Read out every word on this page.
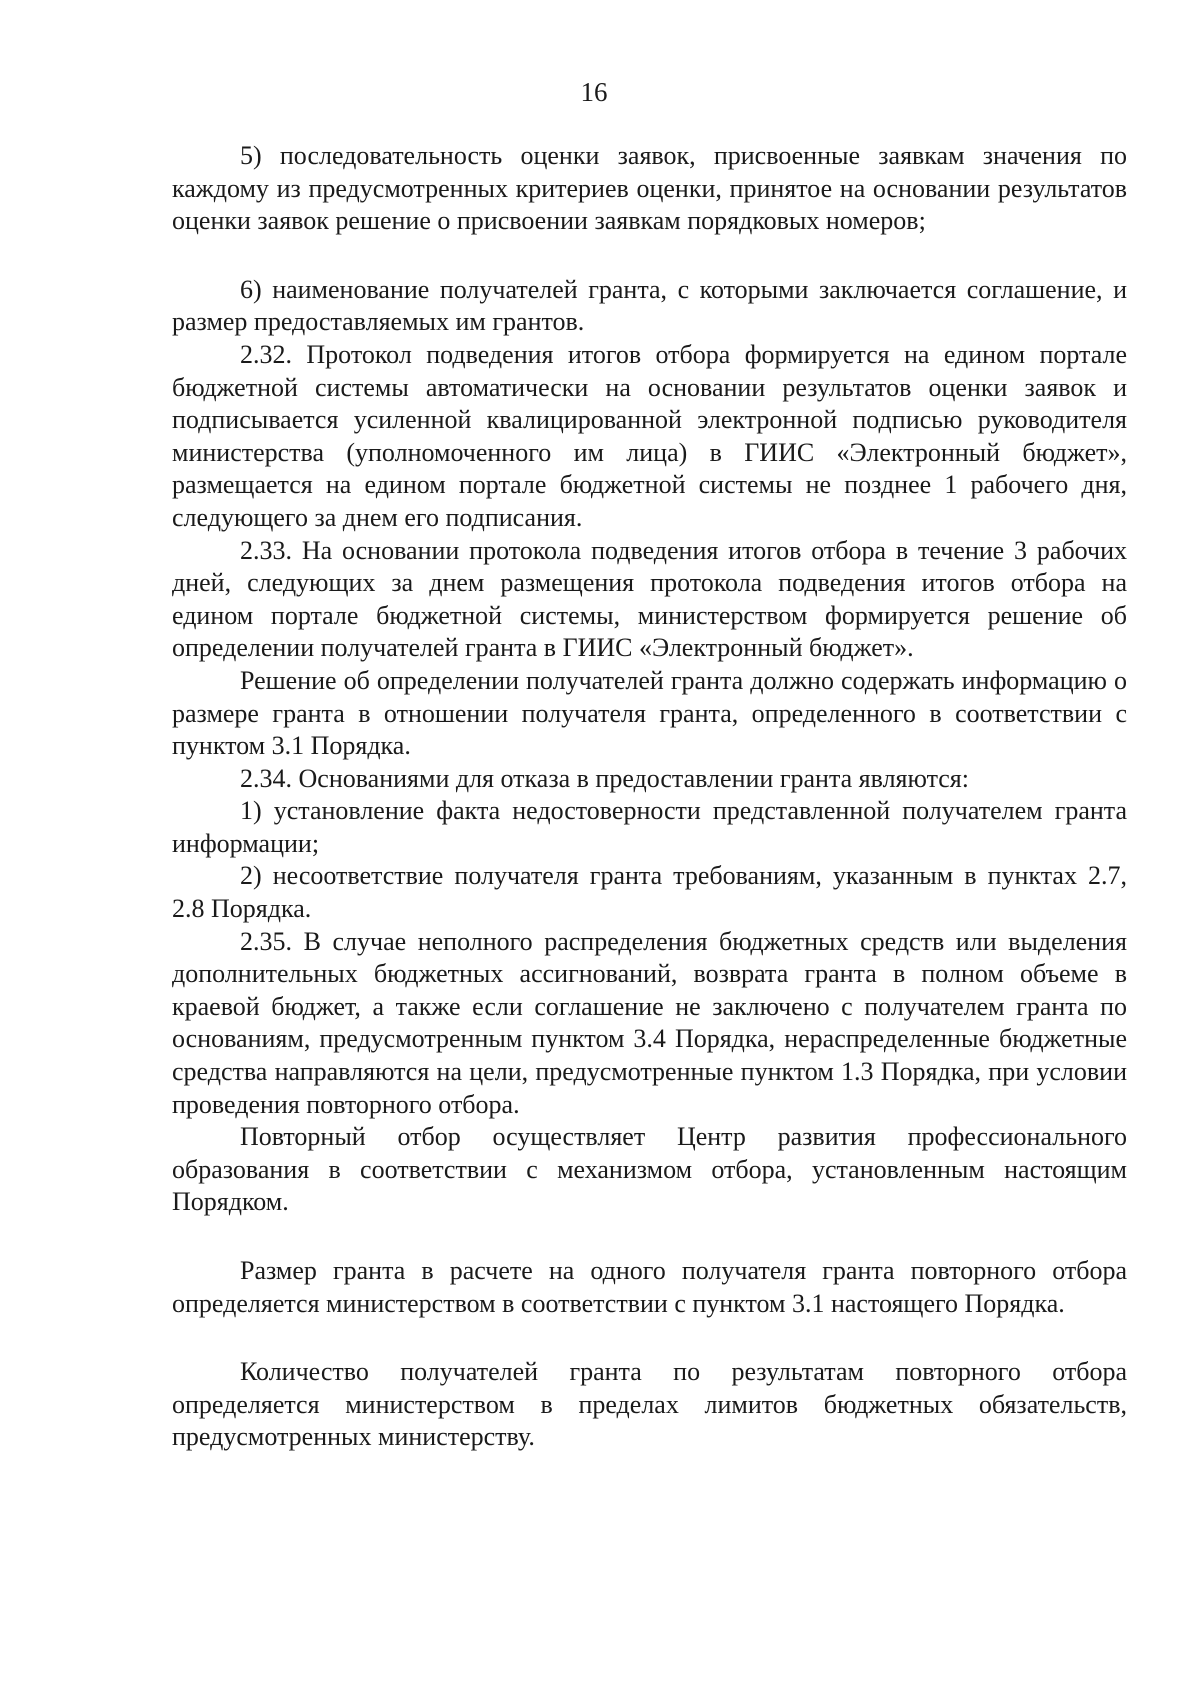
16

5) последовательность оценки заявок, присвоенные заявкам значения по каждому из предусмотренных критериев оценки, принятое на основании результатов оценки заявок решение о присвоении заявкам порядковых номеров;

6) наименование получателей гранта, с которыми заключается соглашение, и размер предоставляемых им грантов.

2.32. Протокол подведения итогов отбора формируется на едином портале бюджетной системы автоматически на основании результатов оценки заявок и подписывается усиленной квалицированной электронной подписью руководителя министерства (уполномоченного им лица) в ГИИС «Электронный бюджет», размещается на едином портале бюджетной системы не позднее 1 рабочего дня, следующего за днем его подписания.

2.33. На основании протокола подведения итогов отбора в течение 3 рабочих дней, следующих за днем размещения протокола подведения итогов отбора на едином портале бюджетной системы, министерством формируется решение об определении получателей гранта в ГИИС «Электронный бюджет».

Решение об определении получателей гранта должно содержать информацию о размере гранта в отношении получателя гранта, определенного в соответствии с пунктом 3.1 Порядка.

2.34. Основаниями для отказа в предоставлении гранта являются:

1) установление факта недостоверности представленной получателем гранта информации;

2) несоответствие получателя гранта требованиям, указанным в пунктах 2.7, 2.8 Порядка.

2.35. В случае неполного распределения бюджетных средств или выделения дополнительных бюджетных ассигнований, возврата гранта в полном объеме в краевой бюджет, а также если соглашение не заключено с получателем гранта по основаниям, предусмотренным пунктом 3.4 Порядка, нераспределенные бюджетные средства направляются на цели, предусмотренные пунктом 1.3 Порядка, при условии проведения повторного отбора.

Повторный отбор осуществляет Центр развития профессионального образования в соответствии с механизмом отбора, установленным настоящим Порядком.

Размер гранта в расчете на одного получателя гранта повторного отбора определяется министерством в соответствии с пунктом 3.1 настоящего Порядка.

Количество получателей гранта по результатам повторного отбора определяется министерством в пределах лимитов бюджетных обязательств, предусмотренных министерству.
